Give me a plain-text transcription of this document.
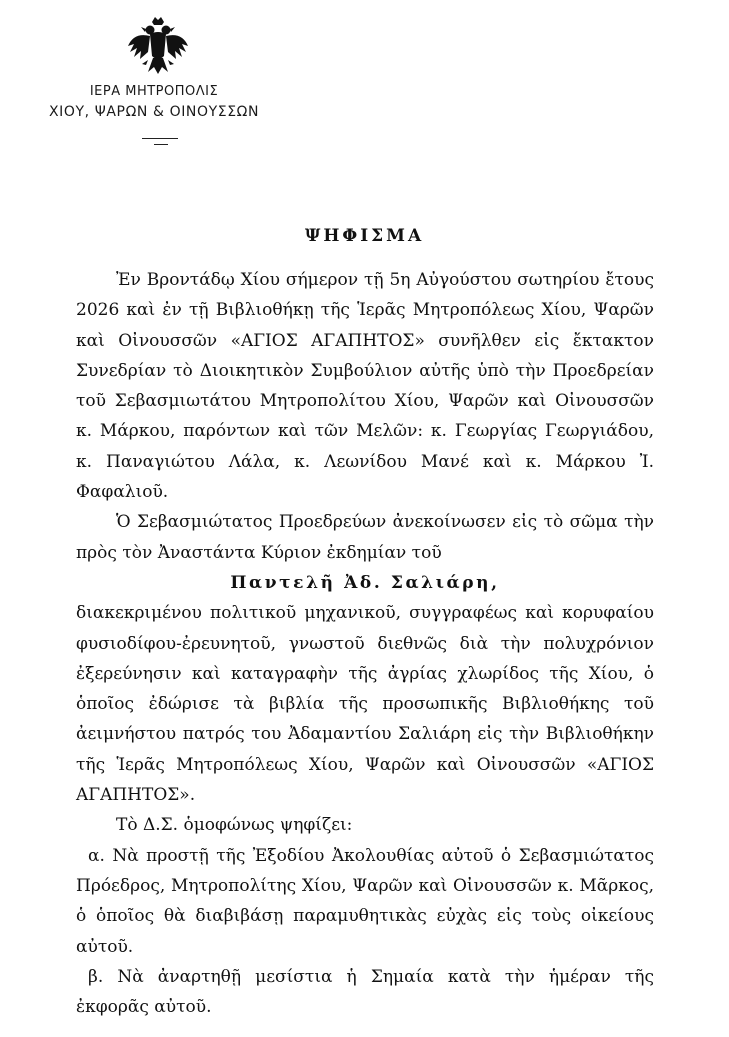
ΙΕΡΑ ΜΗΤΡΟΠΟΛΙΣ
ΧΙΟΥ, ΨΑΡΩΝ & ΟΙΝΟΥΣΣΩΝ
ΨΗΦΙΣΜΑ

Ἐν Βροντάδῳ Χίου σήμερον τῇ 5η Αὐγούστου σωτηρίου ἔτους 2026 καὶ ἐν τῇ Βιβλιοθήκῃ τῆς Ἱερᾶς Μητροπόλεως Χίου, Ψαρῶν καὶ Οἰνουσσῶν «ΑΓΙΟΣ ΑΓΑΠΗΤΟΣ» συνῆλθεν εἰς ἔκτακτον Συνεδρίαν τὸ Διοικητικὸν Συμβούλιον αὐτῆς ὑπὸ τὴν Προεδρείαν τοῦ Σεβασμιωτάτου Μητροπολίτου Χίου, Ψαρῶν καὶ Οἰνουσσῶν κ. Μάρκου, παρόντων καὶ τῶν Μελῶν: κ. Γεωργίας Γεωργιάδου, κ. Παναγιώτου Λάλα, κ. Λεωνίδου Μανέ καὶ κ. Μάρκου Ἰ. Φαφαλιοῦ.

Ὁ Σεβασμιώτατος Προεδρεύων ἀνεκοίνωσεν εἰς τὸ σῶμα τὴν πρὸς τὸν Ἀναστάντα Κύριον ἐκδημίαν τοῦ

Παντελῆ Ἀδ. Σαλιάρη,

διακεκριμένου πολιτικοῦ μηχανικοῦ, συγγραφέως καὶ κορυφαίου φυσιοδίφου-ἐρευνητοῦ, γνωστοῦ διεθνῶς διὰ τὴν πολυχρόνιον ἐξερεύνησιν καὶ καταγραφὴν τῆς ἀγρίας χλωρίδος τῆς Χίου, ὁ ὁποῖος ἐδώρισε τὰ βιβλία τῆς προσωπικῆς Βιβλιοθήκης τοῦ ἀειμνήστου πατρός του Ἀδαμαντίου Σαλιάρη εἰς τὴν Βιβλιοθήκην τῆς Ἱερᾶς Μητροπόλεως Χίου, Ψαρῶν καὶ Οἰνουσσῶν «ΑΓΙΟΣ ΑΓΑΠΗΤΟΣ».

Τὸ Δ.Σ. ὁμοφώνως ψηφίζει:

α. Νὰ προστῇ τῆς Ἐξοδίου Ἀκολουθίας αὐτοῦ ὁ Σεβασμιώτατος Πρόεδρος, Μητροπολίτης Χίου, Ψαρῶν καὶ Οἰνουσσῶν κ. Μᾶρκος, ὁ ὁποῖος θὰ διαβιβάσῃ παραμυθητικὰς εὐχὰς εἰς τοὺς οἰκείους αὐτοῦ.

β. Νὰ ἀναρτηθῇ μεσίστια ἡ Σημαία κατὰ τὴν ἡμέραν τῆς ἐκφορᾶς αὐτοῦ.
